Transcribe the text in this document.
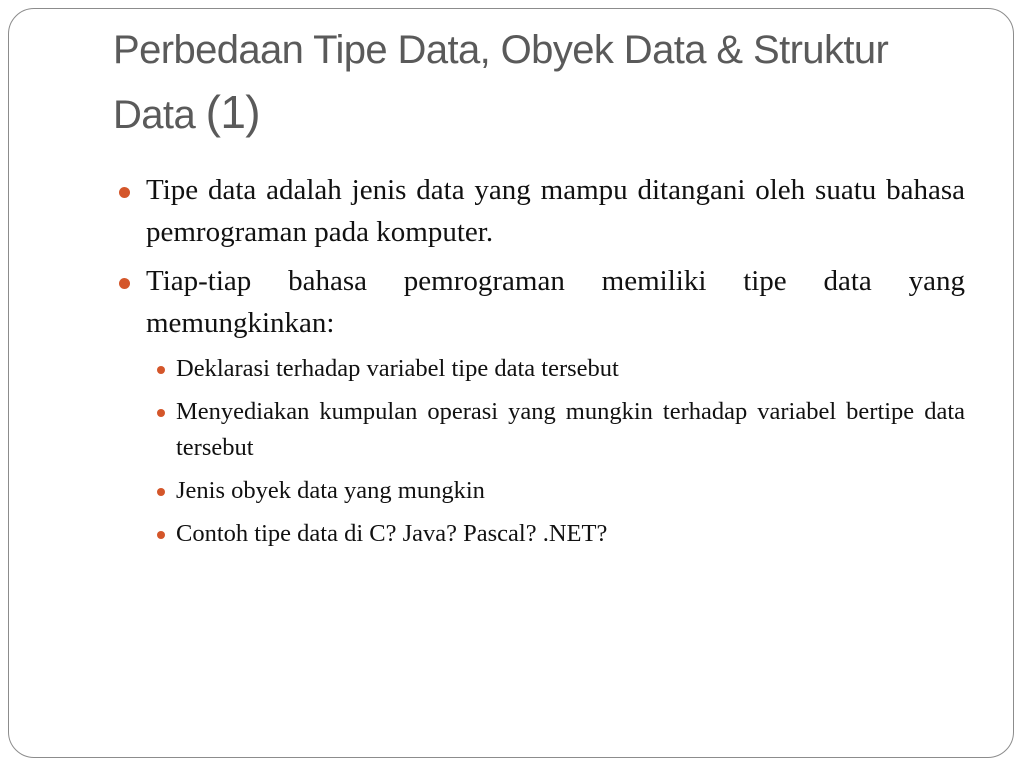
Perbedaan Tipe Data, Obyek Data & Struktur Data (1)
Tipe data adalah jenis data yang mampu ditangani oleh suatu bahasa pemrograman pada komputer.
Tiap-tiap bahasa pemrograman memiliki tipe data yang memungkinkan:
Deklarasi terhadap variabel tipe data tersebut
Menyediakan kumpulan operasi yang mungkin terhadap variabel bertipe data tersebut
Jenis obyek data yang mungkin
Contoh tipe data di C? Java? Pascal? .NET?
